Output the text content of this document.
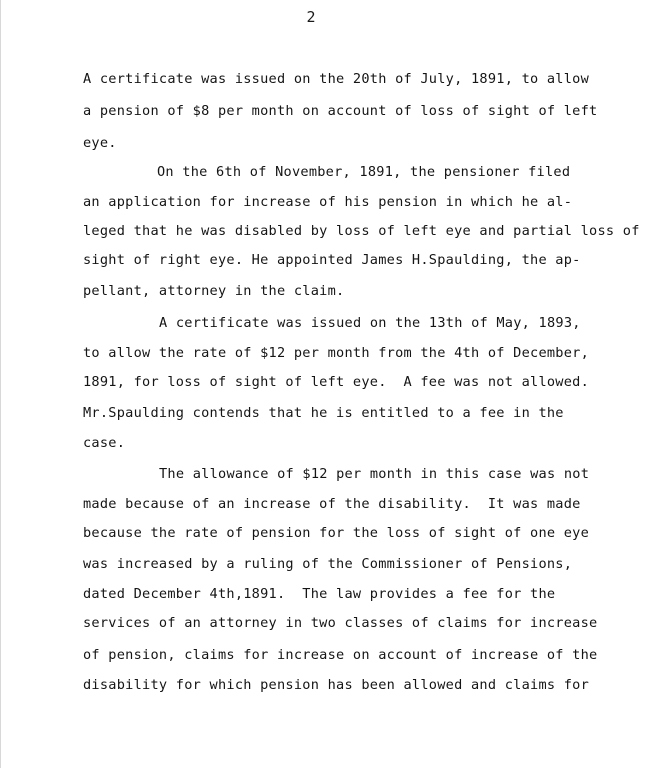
2
A certificate was issued on the 20th of July, 1891, to allow
a pension of $8 per month on account of loss of sight of left
eye.
On the 6th of November, 1891, the pensioner filed
an application for increase of his pension in which he al-
leged that he was disabled by loss of left eye and partial loss of
sight of right eye. He appointed James H.Spaulding, the ap-
pellant, attorney in the claim.
A certificate was issued on the 13th of May, 1893,
to allow the rate of $12 per month from the 4th of December,
1891, for loss of sight of left eye.  A fee was not allowed.
Mr.Spaulding contends that he is entitled to a fee in the
case.
The allowance of $12 per month in this case was not
made because of an increase of the disability.  It was made
because the rate of pension for the loss of sight of one eye
was increased by a ruling of the Commissioner of Pensions,
dated December 4th,1891.  The law provides a fee for the
services of an attorney in two classes of claims for increase
of pension, claims for increase on account of increase of the
disability for which pension has been allowed and claims for
